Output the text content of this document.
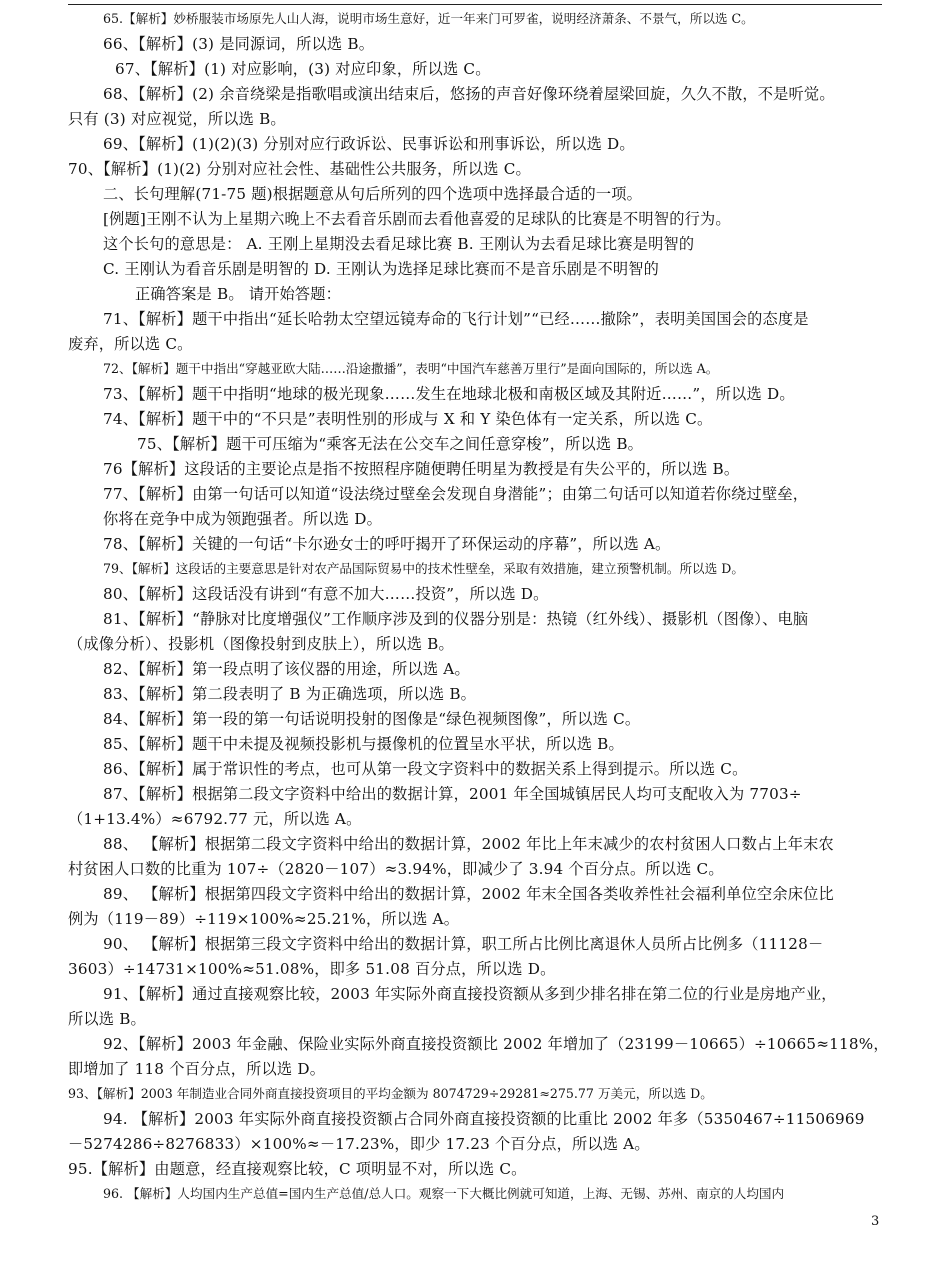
65.【解析】妙桥服装市场原先人山人海，说明市场生意好，近一年来门可罗雀，说明经济萧条、不景气，所以选 C。
66、【解析】(3) 是同源词，所以选 B。
67、【解析】(1) 对应影响，(3) 对应印象，所以选 C。
68、【解析】(2) 余音绕梁是指歌唱或演出结束后，悠扬的声音好像环绕着屋梁回旋，久久不散，不是听觉。
只有 (3) 对应视觉，所以选 B。
69、【解析】(1)(2)(3) 分别对应行政诉讼、民事诉讼和刑事诉讼，所以选 D。
70、【解析】(1)(2) 分别对应社会性、基础性公共服务，所以选 C。
二、长句理解(71-75 题)根据题意从句后所列的四个选项中选择最合适的一项。
[例题]王刚不认为上星期六晚上不去看音乐剧而去看他喜爱的足球队的比赛是不明智的行为。
这个长句的意思是： A. 王刚上星期没去看足球比赛 B. 王刚认为去看足球比赛是明智的
C. 王刚认为看音乐剧是明智的 D. 王刚认为选择足球比赛而不是音乐剧是不明智的
正确答案是 B。 请开始答题：
71、【解析】题干中指出“延长哈勃太空望远镜寿命的飞行计划”“已经……撤除”，表明美国国会的态度是
废弃，所以选 C。
72、【解析】题干中指出“穿越亚欧大陆……沿途撒播”，表明“中国汽车慈善万里行”是面向国际的，所以选 A。
73、【解析】题干中指明“地球的极光现象……发生在地球北极和南极区域及其附近……”，所以选 D。
74、【解析】题干中的“不只是”表明性别的形成与 X 和 Y 染色体有一定关系，所以选 C。
75、【解析】题干可压缩为“乘客无法在公交车之间任意穿梭”，所以选 B。
76【解析】这段话的主要论点是指不按照程序随便聘任明星为教授是有失公平的，所以选 B。
77、【解析】由第一句话可以知道“设法绕过壁垒会发现自身潜能”；由第二句话可以知道若你绕过壁垒，
你将在竞争中成为领跑强者。所以选 D。
78、【解析】关键的一句话“卡尔逊女士的呼吁揭开了环保运动的序幕”，所以选 A。
79、【解析】这段话的主要意思是针对农产品国际贸易中的技术性壁垒，采取有效措施，建立预警机制。所以选 D。
80、【解析】这段话没有讲到“有意不加大……投资”，所以选 D。
81、【解析】“静脉对比度增强仪”工作顺序涉及到的仪器分别是：热镜（红外线）、摄影机（图像）、电脑
（成像分析）、投影机（图像投射到皮肤上），所以选 B。
82、【解析】第一段点明了该仪器的用途，所以选 A。
83、【解析】第二段表明了 B 为正确选项，所以选 B。
84、【解析】第一段的第一句话说明投射的图像是“绿色视频图像”，所以选 C。
85、【解析】题干中未提及视频投影机与摄像机的位置呈水平状，所以选 B。
86、【解析】属于常识性的考点，也可从第一段文字资料中的数据关系上得到提示。所以选 C。
87、【解析】根据第二段文字资料中给出的数据计算，2001 年全国城镇居民人均可支配收入为 7703÷
（1+13.4%）≈6792.77 元，所以选 A。
88、 【解析】根据第二段文字资料中给出的数据计算，2002 年比上年末减少的农村贫困人口数占上年末农
村贫困人口数的比重为 107÷（2820－107）≈3.94%，即减少了 3.94 个百分点。所以选 C。
89、 【解析】根据第四段文字资料中给出的数据计算，2002 年末全国各类收养性社会福利单位空余床位比
例为（119－89）÷119×100%≈25.21%，所以选 A。
90、 【解析】根据第三段文字资料中给出的数据计算，职工所占比例比离退休人员所占比例多（11128－
3603）÷14731×100%≈51.08%，即多 51.08 百分点，所以选 D。
91、【解析】通过直接观察比较，2003 年实际外商直接投资额从多到少排名排在第二位的行业是房地产业，
所以选 B。
92、【解析】2003 年金融、保险业实际外商直接投资额比 2002 年增加了（23199－10665）÷10665≈118%，
即增加了 118 个百分点，所以选 D。
93、【解析】2003 年制造业合同外商直接投资项目的平均金额为 8074729÷29281≈275.77 万美元，所以选 D。
94. 【解析】2003 年实际外商直接投资额占合同外商直接投资额的比重比 2002 年多（5350467÷11506969
－5274286÷8276833）×100%≈－17.23%，即少 17.23 个百分点，所以选 A。
95.【解析】由题意，经直接观察比较，C 项明显不对，所以选 C。
96. 【解析】人均国内生产总值=国内生产总值/总人口。观察一下大概比例就可知道，上海、无锡、苏州、南京的人均国内
3
